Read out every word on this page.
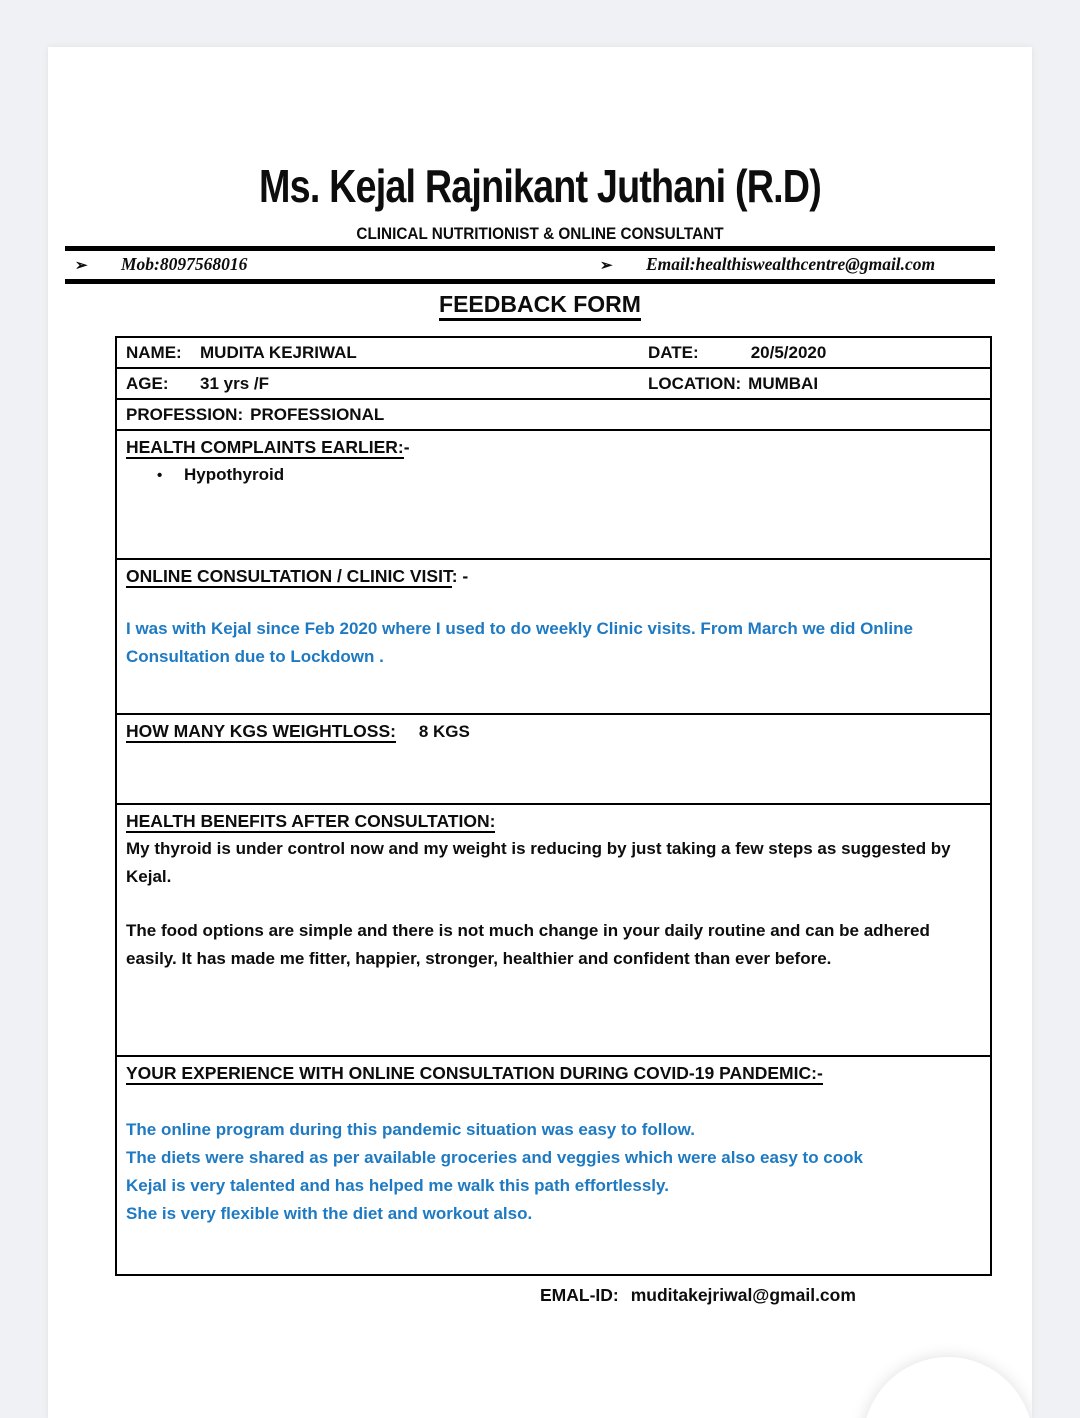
Ms. Kejal Rajnikant Juthani (R.D)
CLINICAL NUTRITIONIST & ONLINE CONSULTANT
➢ Mob:8097568016	➢ Email:healthiswealthcentre@gmail.com
FEEDBACK FORM
NAME: MUDITA KEJRIWAL	DATE:	20/5/2020
AGE: 31 yrs /F	LOCATION: MUMBAI
PROFESSION: PROFESSIONAL
HEALTH COMPLAINTS EARLIER:-
• Hypothyroid
ONLINE CONSULTATION / CLINIC VISIT: -
I was with Kejal since Feb 2020 where I used to do weekly Clinic visits. From March we did Online Consultation due to Lockdown .
HOW MANY KGS WEIGHTLOSS: 8 KGS
HEALTH BENEFITS AFTER CONSULTATION:
My thyroid is under control now and my weight is reducing by just taking a few steps as suggested by Kejal.
The food options are simple and there is not much change in your daily routine and can be adhered easily. It has made me fitter, happier, stronger, healthier and confident than ever before.
YOUR EXPERIENCE WITH ONLINE CONSULTATION DURING COVID-19 PANDEMIC:-
The online program during this pandemic situation was easy to follow.
The diets were shared as per available groceries and veggies which were also easy to cook
Kejal is very talented and has helped me walk this path effortlessly.
She is very flexible with the diet and workout also.
EMAL-ID: muditakejriwal@gmail.com
